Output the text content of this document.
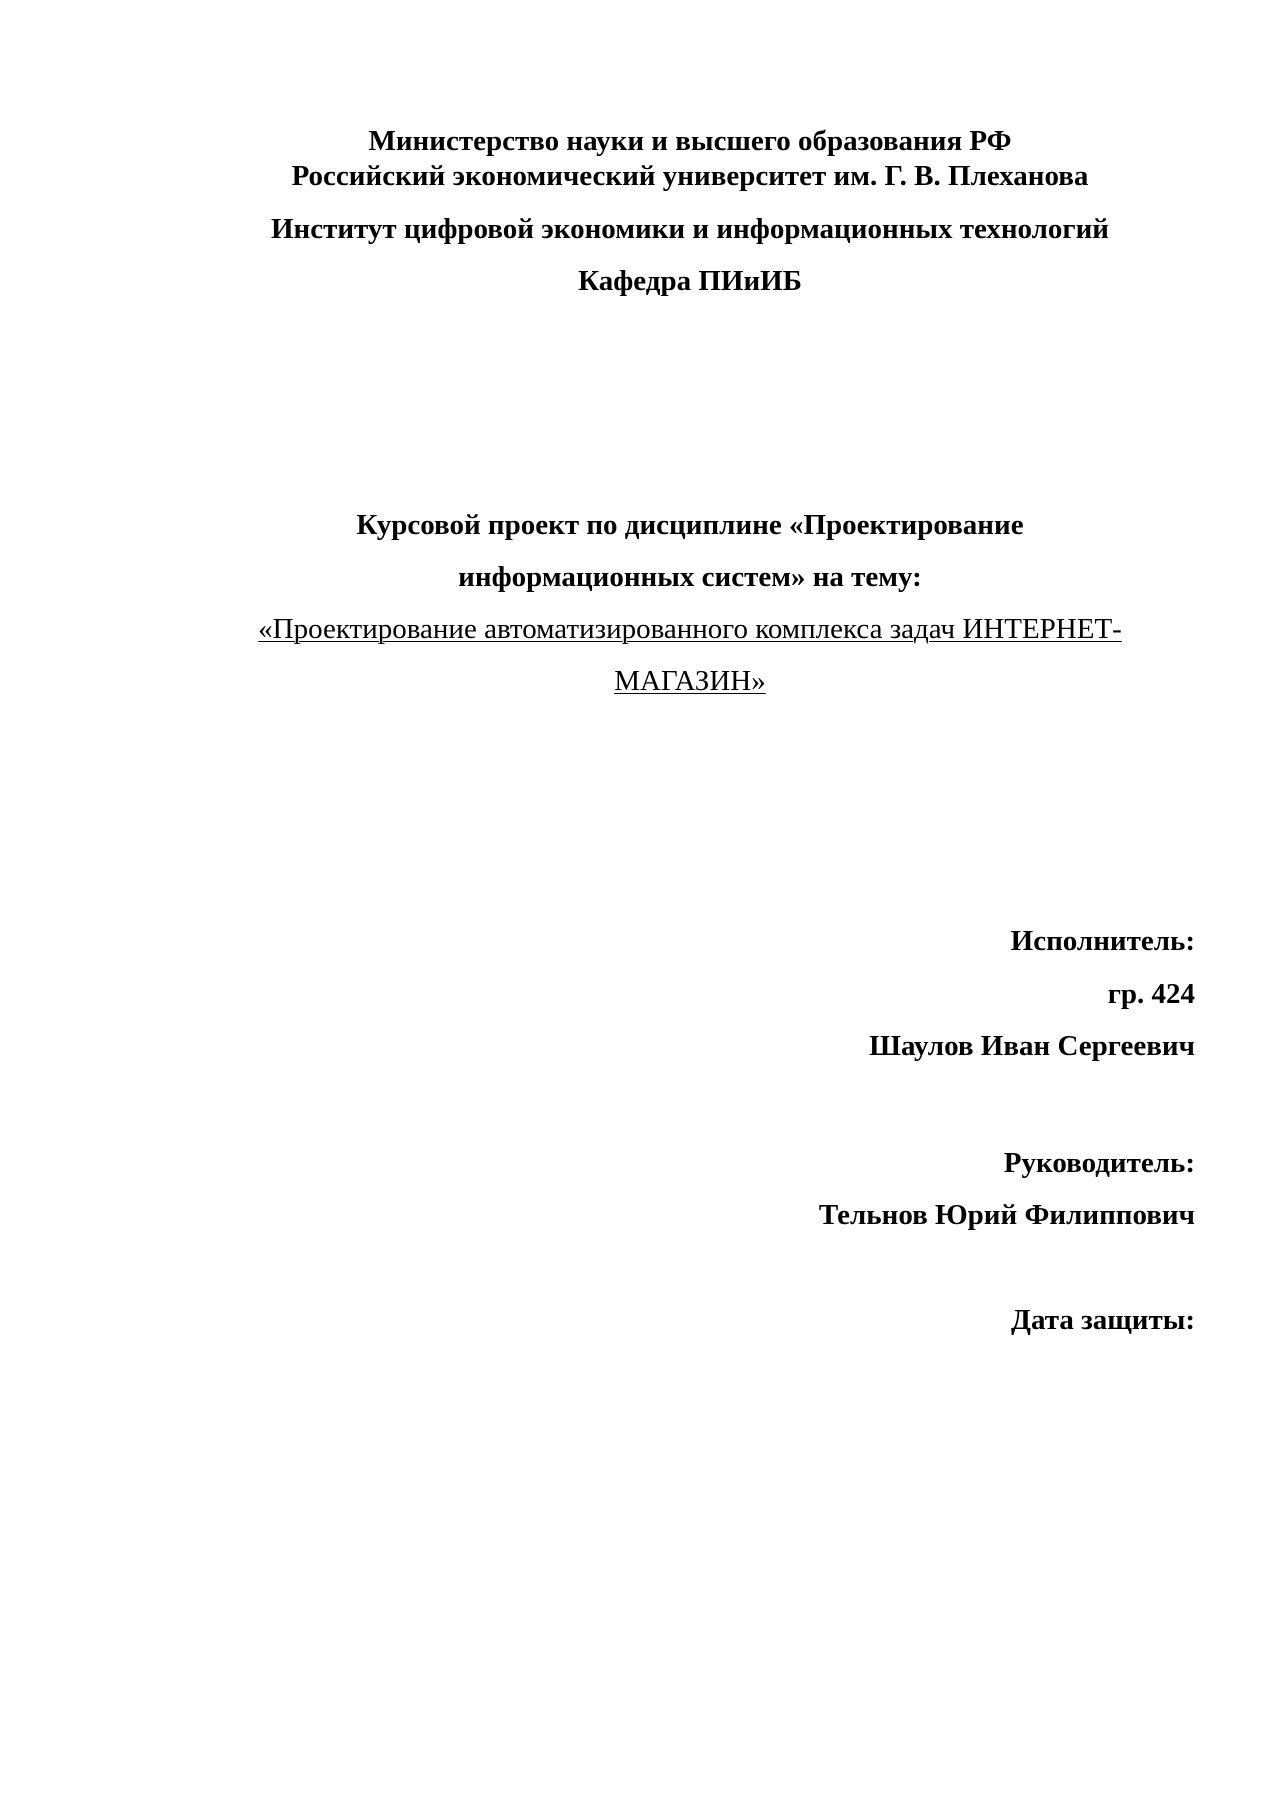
Министерство науки и высшего образования РФ
Российский экономический университет им. Г. В. Плеханова
Институт цифровой экономики и информационных технологий
Кафедра ПИиИБ
Курсовой проект по дисциплине «Проектирование
информационных систем» на тему:
«Проектирование автоматизированного комплекса задач ИНТЕРНЕТ-
МАГАЗИН»
Исполнитель:
гр. 424
Шаулов Иван Сергеевич
Руководитель:
Тельнов Юрий Филиппович
Дата защиты:
